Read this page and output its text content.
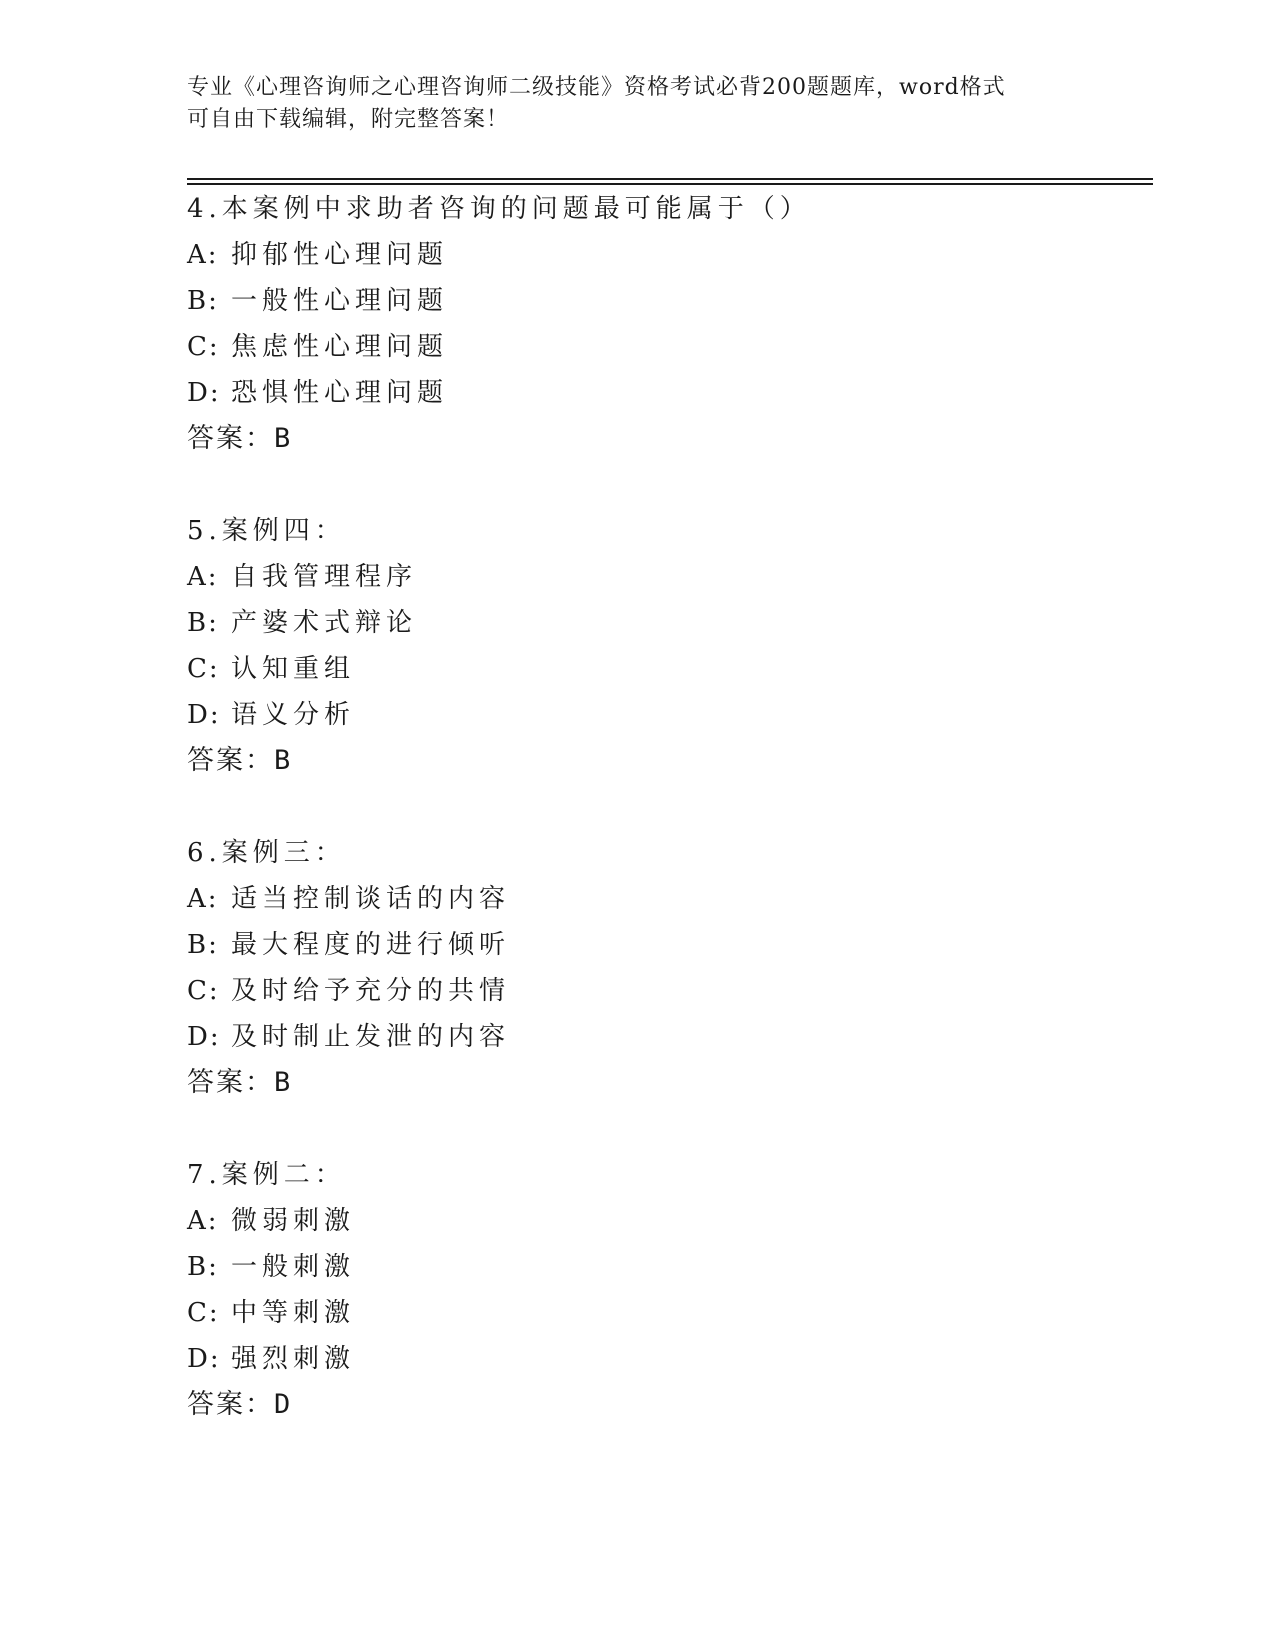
专业《心理咨询师之心理咨询师二级技能》资格考试必背200题题库，word格式
可自由下载编辑，附完整答案！
4.本案例中求助者咨询的问题最可能属于（）
A: 抑郁性心理问题
B: 一般性心理问题
C: 焦虑性心理问题
D: 恐惧性心理问题
答案：B
5.案例四：
A: 自我管理程序
B: 产婆术式辩论
C: 认知重组
D: 语义分析
答案：B
6.案例三：
A: 适当控制谈话的内容
B: 最大程度的进行倾听
C: 及时给予充分的共情
D: 及时制止发泄的内容
答案：B
7.案例二：
A: 微弱刺激
B: 一般刺激
C: 中等刺激
D: 强烈刺激
答案：D
